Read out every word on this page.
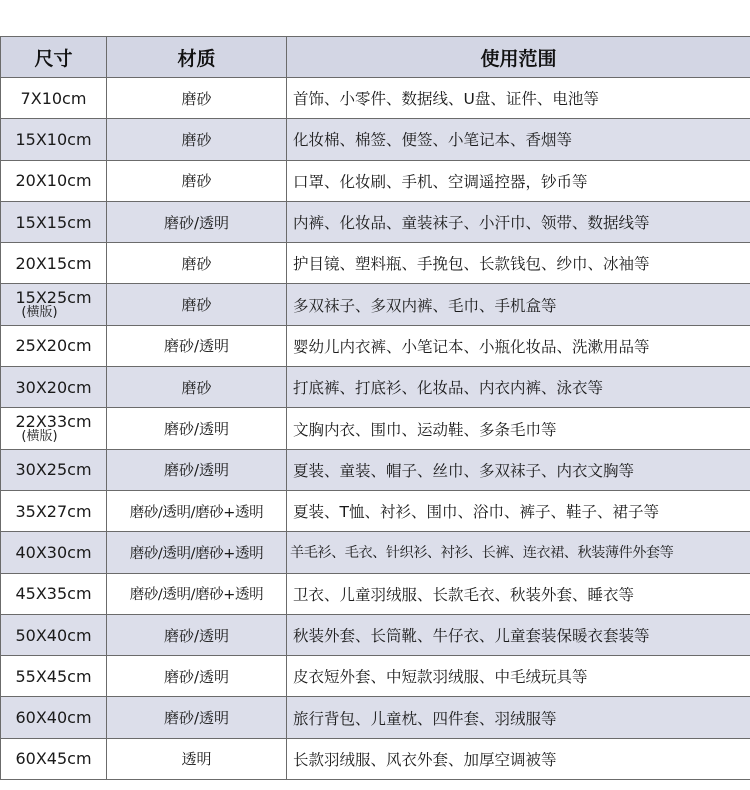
尺寸	材质	使用范围

7X10cm	磨砂	首饰、小零件、数据线、U盘、证件、电池等

15X10cm	磨砂	化妆棉、棉签、便签、小笔记本、香烟等

20X10cm	磨砂	口罩、化妆刷、手机、空调遥控器，钞币等

15X15cm	磨砂/透明	内裤、化妆品、童装袜子、小汗巾、领带、数据线等

20X15cm	磨砂	护目镜、塑料瓶、手挽包、长款钱包、纱巾、冰袖等

15X25cm
(横版)	磨砂	多双袜子、多双内裤、毛巾、手机盒等

25X20cm	磨砂/透明	婴幼儿内衣裤、小笔记本、小瓶化妆品、洗漱用品等

30X20cm	磨砂	打底裤、打底衫、化妆品、内衣内裤、泳衣等

22X33cm
(横版)	磨砂/透明	文胸内衣、围巾、运动鞋、多条毛巾等

30X25cm	磨砂/透明	夏装、童装、帽子、丝巾、多双袜子、内衣文胸等

35X27cm	磨砂/透明/磨砂+透明	夏装、T恤、衬衫、围巾、浴巾、裤子、鞋子、裙子等

40X30cm	磨砂/透明/磨砂+透明	羊毛衫、毛衣、针织衫、衬衫、长裤、连衣裙、秋装薄件外套等

45X35cm	磨砂/透明/磨砂+透明	卫衣、儿童羽绒服、长款毛衣、秋装外套、睡衣等

50X40cm	磨砂/透明	秋装外套、长筒靴、牛仔衣、儿童套装保暖衣套装等

55X45cm	磨砂/透明	皮衣短外套、中短款羽绒服、中毛绒玩具等

60X40cm	磨砂/透明	旅行背包、儿童枕、四件套、羽绒服等

60X45cm	透明	长款羽绒服、风衣外套、加厚空调被等
